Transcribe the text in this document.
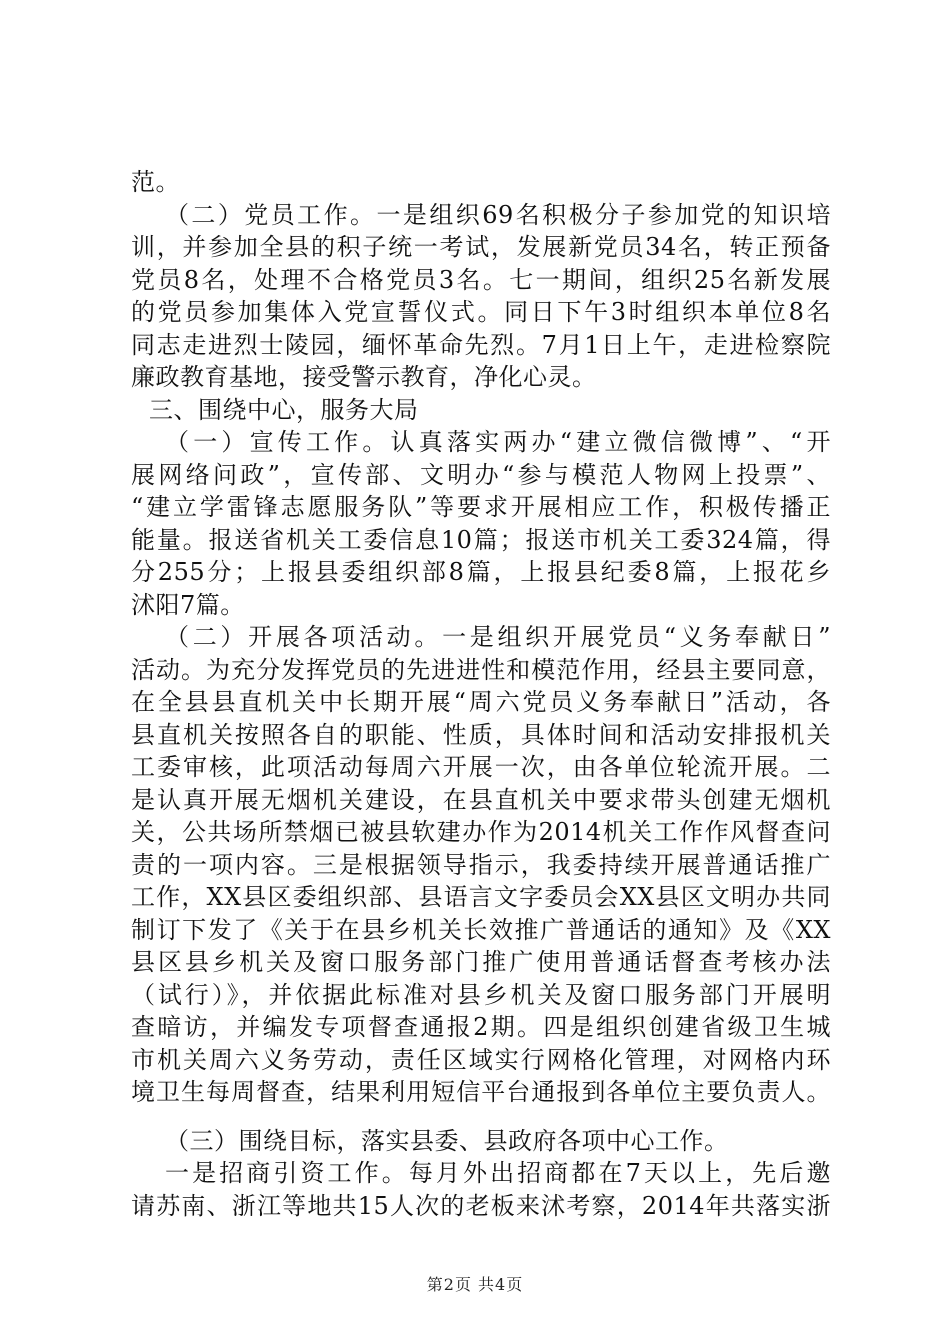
范。
（二）党员工作。一是组织69名积极分子参加党的知识培
训，并参加全县的积子统一考试，发展新党员34名，转正预备
党员8名，处理不合格党员3名。七一期间，组织25名新发展
的党员参加集体入党宣誓仪式。同日下午3时组织本单位8名
同志走进烈士陵园，缅怀革命先烈。7月1日上午，走进检察院
廉政教育基地，接受警示教育，净化心灵。
三、围绕中心，服务大局
（一）宣传工作。认真落实两办“建立微信微博”、“开
展网络问政”，宣传部、文明办“参与模范人物网上投票”、
“建立学雷锋志愿服务队”等要求开展相应工作，积极传播正
能量。报送省机关工委信息10篇；报送市机关工委324篇，得
分255分；上报县委组织部8篇，上报县纪委8篇，上报花乡
沭阳7篇。
（二）开展各项活动。一是组织开展党员“义务奉献日”
活动。为充分发挥党员的先进进性和模范作用，经县主要同意，
在全县县直机关中长期开展“周六党员义务奉献日”活动，各
县直机关按照各自的职能、性质，具体时间和活动安排报机关
工委审核，此项活动每周六开展一次，由各单位轮流开展。二
是认真开展无烟机关建设，在县直机关中要求带头创建无烟机
关，公共场所禁烟已被县软建办作为2014机关工作作风督查问
责的一项内容。三是根据领导指示，我委持续开展普通话推广
工作，XX县区委组织部、县语言文字委员会XX县区文明办共同
制订下发了《关于在县乡机关长效推广普通话的通知》及《XX
县区县乡机关及窗口服务部门推广使用普通话督查考核办法
（试行）》，并依据此标准对县乡机关及窗口服务部门开展明
查暗访，并编发专项督查通报2期。四是组织创建省级卫生城
市机关周六义务劳动，责任区域实行网格化管理，对网格内环
境卫生每周督查，结果利用短信平台通报到各单位主要负责人。
（三）围绕目标，落实县委、县政府各项中心工作。
一是招商引资工作。每月外出招商都在7天以上，先后邀
请苏南、浙江等地共15人次的老板来沭考察，2014年共落实浙
第2页 共4页
